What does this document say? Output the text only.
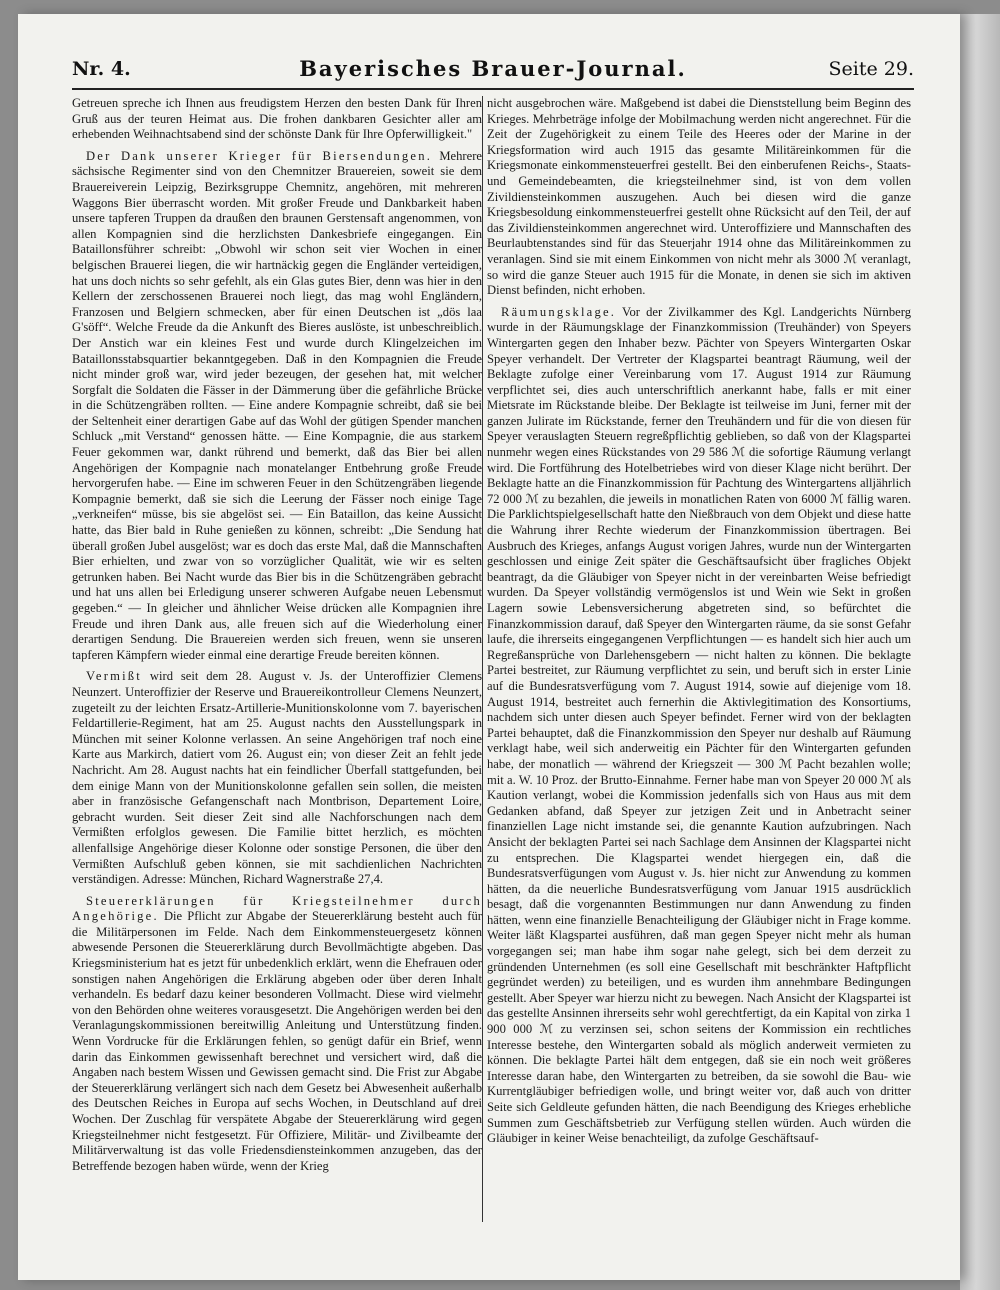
Nr. 4.	Bayerisches Brauer-Journal.	Seite 29.

Getreuen spreche ich Ihnen aus freudigstem Herzen den besten Dank für Ihren Gruß aus der teuren Heimat aus. Die frohen dankbaren Gesichter aller am erhebenden Weihnachtsabend sind der schönste Dank für Ihre Opferwilligkeit."

Der Dank unserer Krieger für Biersendungen. Mehrere sächsische Regimenter sind von den Chemnitzer Brauereien, soweit sie dem Brauereiverein Leipzig, Bezirksgruppe Chemnitz, angehören, mit mehreren Waggons Bier überrascht worden. Mit großer Freude und Dankbarkeit haben unsere tapferen Truppen da draußen den braunen Gerstensaft angenommen, von allen Kompagnien sind die herzlichsten Dankesbriefe eingegangen. Ein Bataillonsführer schreibt: „Obwohl wir schon seit vier Wochen in einer belgischen Brauerei liegen, die wir hartnäckig gegen die Engländer verteidigen, hat uns doch nichts so sehr gefehlt, als ein Glas gutes Bier, denn was hier in den Kellern der zerschossenen Brauerei noch liegt, das mag wohl Engländern, Franzosen und Belgiern schmecken, aber für einen Deutschen ist „dös laa G'söff“. Welche Freude da die Ankunft des Bieres auslöste, ist unbeschreiblich. Der Anstich war ein kleines Fest und wurde durch Klingelzeichen im Bataillonsstabsquartier bekanntgegeben. Daß in den Kompagnien die Freude nicht minder groß war, wird jeder bezeugen, der gesehen hat, mit welcher Sorgfalt die Soldaten die Fässer in der Dämmerung über die gefährliche Brücke in die Schützengräben rollten. — Eine andere Kompagnie schreibt, daß sie bei der Seltenheit einer derartigen Gabe auf das Wohl der gütigen Spender manchen Schluck „mit Verstand“ genossen hätte. — Eine Kompagnie, die aus starkem Feuer gekommen war, dankt rührend und bemerkt, daß das Bier bei allen Angehörigen der Kompagnie nach monatelanger Entbehrung große Freude hervorgerufen habe. — Eine im schweren Feuer in den Schützengräben liegende Kompagnie bemerkt, daß sie sich die Leerung der Fässer noch einige Tage „verkneifen“ müsse, bis sie abgelöst sei. — Ein Bataillon, das keine Aussicht hatte, das Bier bald in Ruhe genießen zu können, schreibt: „Die Sendung hat überall großen Jubel ausgelöst; war es doch das erste Mal, daß die Mannschaften Bier erhielten, und zwar von so vorzüglicher Qualität, wie wir es selten getrunken haben. Bei Nacht wurde das Bier bis in die Schützengräben gebracht und hat uns allen bei Erledigung unserer schweren Aufgabe neuen Lebensmut gegeben.“ — In gleicher und ähnlicher Weise drücken alle Kompagnien ihre Freude und ihren Dank aus, alle freuen sich auf die Wiederholung einer derartigen Sendung. Die Brauereien werden sich freuen, wenn sie unseren tapferen Kämpfern wieder einmal eine derartige Freude bereiten können.

Vermißt wird seit dem 28. August v. Js. der Unteroffizier Clemens Neunzert. Unteroffizier der Reserve und Brauereikontrolleur Clemens Neunzert, zugeteilt zu der leichten Ersatz-Artillerie-Munitionskolonne vom 7. bayerischen Feldartillerie-Regiment, hat am 25. August nachts den Ausstellungspark in München mit seiner Kolonne verlassen. An seine Angehörigen traf noch eine Karte aus Markirch, datiert vom 26. August ein; von dieser Zeit an fehlt jede Nachricht. Am 28. August nachts hat ein feindlicher Überfall stattgefunden, bei dem einige Mann von der Munitionskolonne gefallen sein sollen, die meisten aber in französische Gefangenschaft nach Montbrison, Departement Loire, gebracht wurden. Seit dieser Zeit sind alle Nachforschungen nach dem Vermißten erfolglos gewesen. Die Familie bittet herzlich, es möchten allenfallsige Angehörige dieser Kolonne oder sonstige Personen, die über den Vermißten Aufschluß geben können, sie mit sachdienlichen Nachrichten verständigen. Adresse: München, Richard Wagnerstraße 27,4.

Steuererklärungen für Kriegsteilnehmer durch Angehörige. Die Pflicht zur Abgabe der Steuererklärung besteht auch für die Militärpersonen im Felde. Nach dem Einkommensteuergesetz können abwesende Personen die Steuererklärung durch Bevollmächtigte abgeben. Das Kriegsministerium hat es jetzt für unbedenklich erklärt, wenn die Ehefrauen oder sonstigen nahen Angehörigen die Erklärung abgeben oder über deren Inhalt verhandeln. Es bedarf dazu keiner besonderen Vollmacht. Diese wird vielmehr von den Behörden ohne weiteres vorausgesetzt. Die Angehörigen werden bei den Veranlagungskommissionen bereitwillig Anleitung und Unterstützung finden. Wenn Vordrucke für die Erklärungen fehlen, so genügt dafür ein Brief, wenn darin das Einkommen gewissenhaft berechnet und versichert wird, daß die Angaben nach bestem Wissen und Gewissen gemacht sind. Die Frist zur Abgabe der Steuererklärung verlängert sich nach dem Gesetz bei Abwesenheit außerhalb des Deutschen Reiches in Europa auf sechs Wochen, in Deutschland auf drei Wochen. Der Zuschlag für verspätete Abgabe der Steuererklärung wird gegen Kriegsteilnehmer nicht festgesetzt. Für Offiziere, Militär- und Zivilbeamte der Militärverwaltung ist das volle Friedensdiensteinkommen anzugeben, das der Betreffende bezogen haben würde, wenn der Krieg

nicht ausgebrochen wäre. Maßgebend ist dabei die Dienststellung beim Beginn des Krieges. Mehrbeträge infolge der Mobilmachung werden nicht angerechnet. Für die Zeit der Zugehörigkeit zu einem Teile des Heeres oder der Marine in der Kriegsformation wird auch 1915 das gesamte Militäreinkommen für die Kriegsmonate einkommensteuerfrei gestellt. Bei den einberufenen Reichs-, Staats- und Gemeindebeamten, die kriegsteilnehmer sind, ist von dem vollen Zivildiensteinkommen auszugehen. Auch bei diesen wird die ganze Kriegsbesoldung einkommensteuerfrei gestellt ohne Rücksicht auf den Teil, der auf das Zivildiensteinkommen angerechnet wird. Unteroffiziere und Mannschaften des Beurlaubtenstandes sind für das Steuerjahr 1914 ohne das Militäreinkommen zu veranlagen. Sind sie mit einem Einkommen von nicht mehr als 3000 ℳ veranlagt, so wird die ganze Steuer auch 1915 für die Monate, in denen sie sich im aktiven Dienst befinden, nicht erhoben.

Räumungsklage. Vor der Zivilkammer des Kgl. Landgerichts Nürnberg wurde in der Räumungsklage der Finanzkommission (Treuhänder) von Speyers Wintergarten gegen den Inhaber bezw. Pächter von Speyers Wintergarten Oskar Speyer verhandelt. Der Vertreter der Klagspartei beantragt Räumung, weil der Beklagte zufolge einer Vereinbarung vom 17. August 1914 zur Räumung verpflichtet sei, dies auch unterschriftlich anerkannt habe, falls er mit einer Mietsrate im Rückstande bleibe. Der Beklagte ist teilweise im Juni, ferner mit der ganzen Julirate im Rückstande, ferner den Treuhändern und für die von diesen für Speyer verauslagten Steuern regreßpflichtig geblieben, so daß von der Klagspartei nunmehr wegen eines Rückstandes von 29 586 ℳ die sofortige Räumung verlangt wird. Die Fortführung des Hotelbetriebes wird von dieser Klage nicht berührt. Der Beklagte hatte an die Finanzkommission für Pachtung des Wintergartens alljährlich 72 000 ℳ zu bezahlen, die jeweils in monatlichen Raten von 6000 ℳ fällig waren. Die Parklichtspielgesellschaft hatte den Nießbrauch von dem Objekt und diese hatte die Wahrung ihrer Rechte wiederum der Finanzkommission übertragen. Bei Ausbruch des Krieges, anfangs August vorigen Jahres, wurde nun der Wintergarten geschlossen und einige Zeit später die Geschäftsaufsicht über fragliches Objekt beantragt, da die Gläubiger von Speyer nicht in der vereinbarten Weise befriedigt wurden. Da Speyer vollständig vermögenslos ist und Wein wie Sekt in großen Lagern sowie Lebensversicherung abgetreten sind, so befürchtet die Finanzkommission darauf, daß Speyer den Wintergarten räume, da sie sonst Gefahr laufe, die ihrerseits eingegangenen Verpflichtungen — es handelt sich hier auch um Regreßansprüche von Darlehensgebern — nicht halten zu können. Die beklagte Partei bestreitet, zur Räumung verpflichtet zu sein, und beruft sich in erster Linie auf die Bundesratsverfügung vom 7. August 1914, sowie auf diejenige vom 18. August 1914, bestreitet auch fernerhin die Aktivlegitimation des Konsortiums, nachdem sich unter diesen auch Speyer befindet. Ferner wird von der beklagten Partei behauptet, daß die Finanzkommission den Speyer nur deshalb auf Räumung verklagt habe, weil sich anderweitig ein Pächter für den Wintergarten gefunden habe, der monatlich — während der Kriegszeit — 300 ℳ Pacht bezahlen wolle; mit a. W. 10 Proz. der Brutto-Einnahme. Ferner habe man von Speyer 20 000 ℳ als Kaution verlangt, wobei die Kommission jedenfalls sich von Haus aus mit dem Gedanken abfand, daß Speyer zur jetzigen Zeit und in Anbetracht seiner finanziellen Lage nicht imstande sei, die genannte Kaution aufzubringen. Nach Ansicht der beklagten Partei sei nach Sachlage dem Ansinnen der Klagspartei nicht zu entsprechen. Die Klagspartei wendet hiergegen ein, daß die Bundesratsverfügungen vom August v. Js. hier nicht zur Anwendung zu kommen hätten, da die neuerliche Bundesratsverfügung vom Januar 1915 ausdrücklich besagt, daß die vorgenannten Bestimmungen nur dann Anwendung zu finden hätten, wenn eine finanzielle Benachteiligung der Gläubiger nicht in Frage komme. Weiter läßt Klagspartei ausführen, daß man gegen Speyer nicht mehr als human vorgegangen sei; man habe ihm sogar nahe gelegt, sich bei dem derzeit zu gründenden Unternehmen (es soll eine Gesellschaft mit beschränkter Haftpflicht gegründet werden) zu beteiligen, und es wurden ihm annehmbare Bedingungen gestellt. Aber Speyer war hierzu nicht zu bewegen. Nach Ansicht der Klagspartei ist das gestellte Ansinnen ihrerseits sehr wohl gerechtfertigt, da ein Kapital von zirka 1 900 000 ℳ zu verzinsen sei, schon seitens der Kommission ein rechtliches Interesse bestehe, den Wintergarten sobald als möglich anderweit vermieten zu können. Die beklagte Partei hält dem entgegen, daß sie ein noch weit größeres Interesse daran habe, den Wintergarten zu betreiben, da sie sowohl die Bau- wie Kurrentgläubiger befriedigen wolle, und bringt weiter vor, daß auch von dritter Seite sich Geldleute gefunden hätten, die nach Beendigung des Krieges erhebliche Summen zum Geschäftsbetrieb zur Verfügung stellen würden. Auch würden die Gläubiger in keiner Weise benachteiligt, da zufolge Geschäftsauf-
